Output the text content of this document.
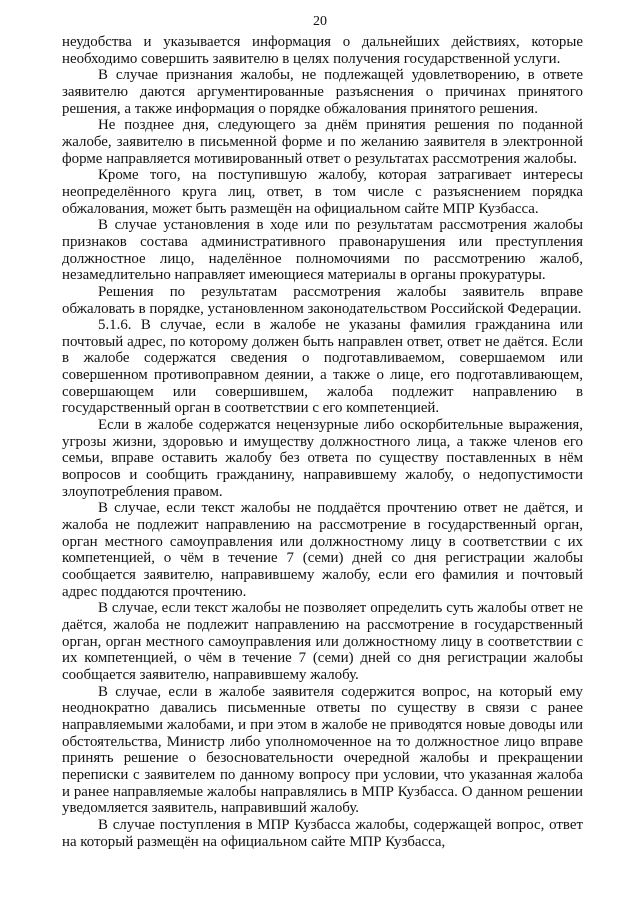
20

неудобства и указывается информация о дальнейших действиях, которые необходимо совершить заявителю в целях получения государственной услуги.

В случае признания жалобы, не подлежащей удовлетворению, в ответе заявителю даются аргументированные разъяснения о причинах принятого решения, а также информация о порядке обжалования принятого решения.

Не позднее дня, следующего за днём принятия решения по поданной жалобе, заявителю в письменной форме и по желанию заявителя в электронной форме направляется мотивированный ответ о результатах рассмотрения жалобы.

Кроме того, на поступившую жалобу, которая затрагивает интересы неопределённого круга лиц, ответ, в том числе с разъяснением порядка обжалования, может быть размещён на официальном сайте МПР Кузбасса.

В случае установления в ходе или по результатам рассмотрения жалобы признаков состава административного правонарушения или преступления должностное лицо, наделённое полномочиями по рассмотрению жалоб, незамедлительно направляет имеющиеся материалы в органы прокуратуры.

Решения по результатам рассмотрения жалобы заявитель вправе обжаловать в порядке, установленном законодательством Российской Федерации.

5.1.6. В случае, если в жалобе не указаны фамилия гражданина или почтовый адрес, по которому должен быть направлен ответ, ответ не даётся. Если в жалобе содержатся сведения о подготавливаемом, совершаемом или совершенном противоправном деянии, а также о лице, его подготавливающем, совершающем или совершившем, жалоба подлежит направлению в государственный орган в соответствии с его компетенцией.

Если в жалобе содержатся нецензурные либо оскорбительные выражения, угрозы жизни, здоровью и имуществу должностного лица, а также членов его семьи, вправе оставить жалобу без ответа по существу поставленных в нём вопросов и сообщить гражданину, направившему жалобу, о недопустимости злоупотребления правом.

В случае, если текст жалобы не поддаётся прочтению ответ не даётся, и жалоба не подлежит направлению на рассмотрение в государственный орган, орган местного самоуправления или должностному лицу в соответствии с их компетенцией, о чём в течение 7 (семи) дней со дня регистрации жалобы сообщается заявителю, направившему жалобу, если его фамилия и почтовый адрес поддаются прочтению.

В случае, если текст жалобы не позволяет определить суть жалобы ответ не даётся, жалоба не подлежит направлению на рассмотрение в государственный орган, орган местного самоуправления или должностному лицу в соответствии с их компетенцией, о чём в течение 7 (семи) дней со дня регистрации жалобы сообщается заявителю, направившему жалобу.

В случае, если в жалобе заявителя содержится вопрос, на который ему неоднократно давались письменные ответы по существу в связи с ранее направляемыми жалобами, и при этом в жалобе не приводятся новые доводы или обстоятельства, Министр либо уполномоченное на то должностное лицо вправе принять решение о безосновательности очередной жалобы и прекращении переписки с заявителем по данному вопросу при условии, что указанная жалоба и ранее направляемые жалобы направлялись в МПР Кузбасса. О данном решении уведомляется заявитель, направивший жалобу.

В случае поступления в МПР Кузбасса жалобы, содержащей вопрос, ответ на который размещён на официальном сайте МПР Кузбасса,
